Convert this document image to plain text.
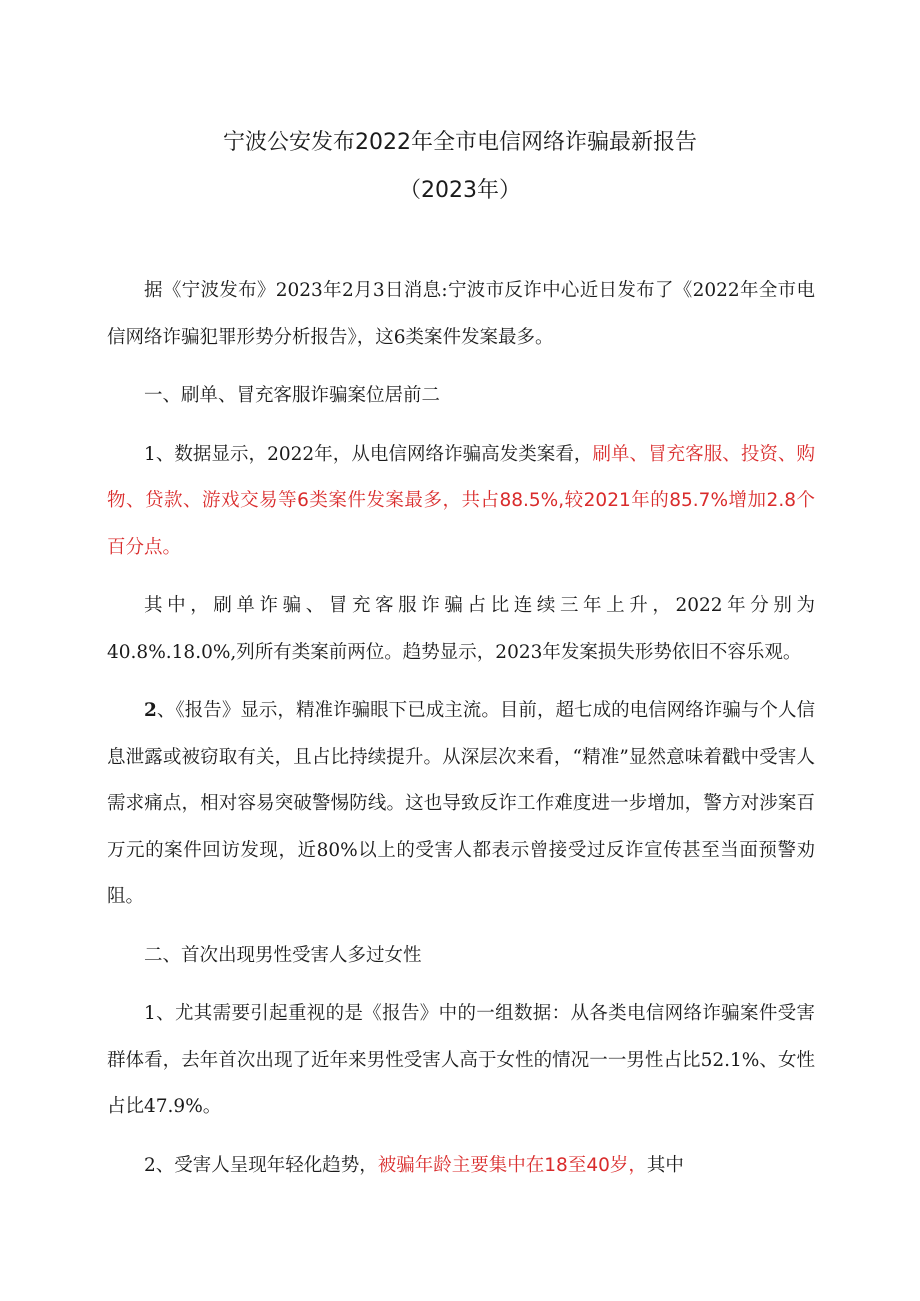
宁波公安发布2022年全市电信网络诈骗最新报告
（2023年）

据《宁波发布》2023年2月3日消息:宁波市反诈中心近日发布了《2022年全市电信网络诈骗犯罪形势分析报告》，这6类案件发案最多。

一、刷单、冒充客服诈骗案位居前二

1、数据显示，2022年，从电信网络诈骗高发类案看，刷单、冒充客服、投资、购物、贷款、游戏交易等6类案件发案最多，共占88.5%,较2021年的85.7%增加2.8个百分点。

其中，刷单诈骗、冒充客服诈骗占比连续三年上升，2022年分别为40.8%.18.0%,列所有类案前两位。趋势显示，2023年发案损失形势依旧不容乐观。

2、《报告》显示，精准诈骗眼下已成主流。目前，超七成的电信网络诈骗与个人信息泄露或被窃取有关，且占比持续提升。从深层次来看，“精准”显然意味着戳中受害人需求痛点，相对容易突破警惕防线。这也导致反诈工作难度进一步增加，警方对涉案百万元的案件回访发现，近80%以上的受害人都表示曾接受过反诈宣传甚至当面预警劝阻。

二、首次出现男性受害人多过女性

1、尤其需要引起重视的是《报告》中的一组数据：从各类电信网络诈骗案件受害群体看，去年首次出现了近年来男性受害人高于女性的情况一一男性占比52.1%、女性占比47.9%。

2、受害人呈现年轻化趋势，被骗年龄主要集中在18至40岁，其中
